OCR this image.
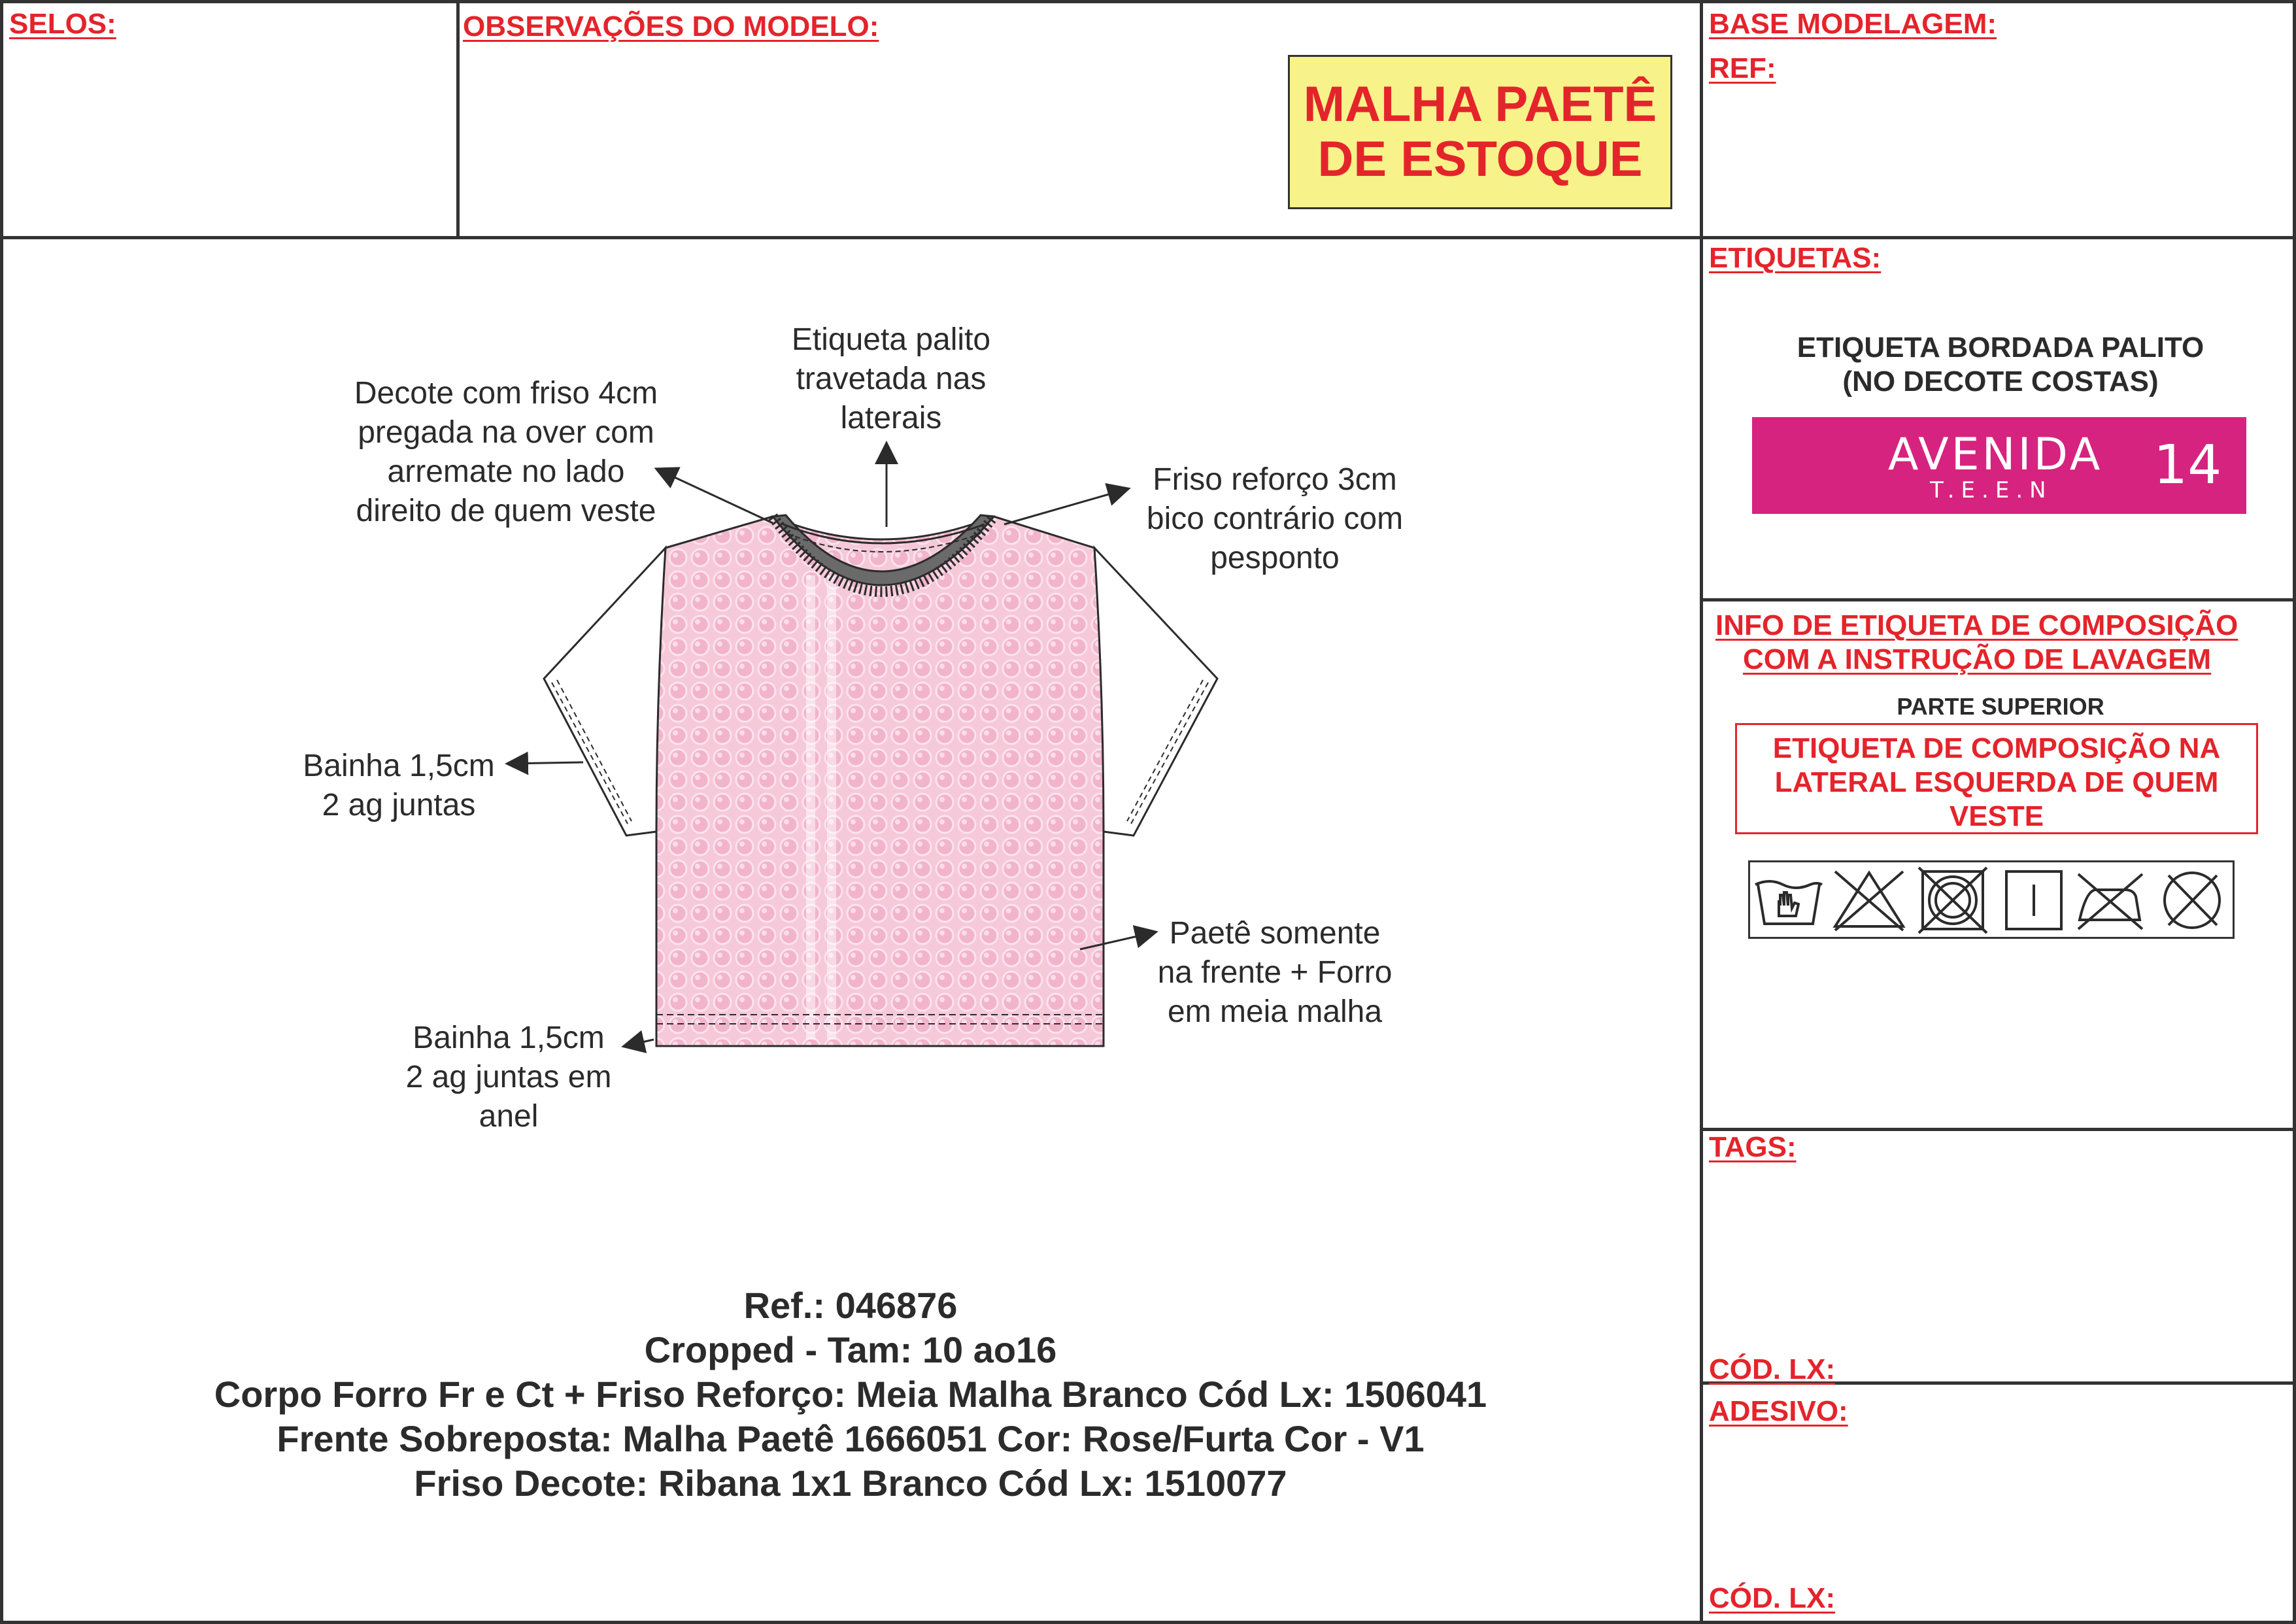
SELOS:	OBSERVAÇÕES DO MODELO:
MALHA PAETÊ
DE ESTOQUE
BASE MODELAGEM:
REF:
ETIQUETAS:
ETIQUETA BORDADA PALITO
(NO DECOTE COSTAS)
AVENIDA
T.E.E.N 14
INFO DE ETIQUETA DE COMPOSIÇÃO
COM A INSTRUÇÃO DE LAVAGEM
PARTE SUPERIOR
ETIQUETA DE COMPOSIÇÃO NA
LATERAL ESQUERDA DE QUEM
VESTE
TAGS:
CÓD. LX:
ADESIVO:
CÓD. LX:
Decote com friso 4cm
pregada na over com
arremate no lado
direito de quem veste
Etiqueta palito
travetada nas
laterais
Friso reforço 3cm
bico contrário com
pesponto
Bainha 1,5cm
2 ag juntas
Paetê somente
na frente + Forro
em meia malha
Bainha 1,5cm
2 ag juntas em
anel
Ref.: 046876
Cropped - Tam: 10 ao16
Corpo Forro Fr e Ct + Friso Reforço: Meia Malha Branco Cód Lx: 1506041
Frente Sobreposta: Malha Paetê 1666051 Cor: Rose/Furta Cor - V1
Friso Decote: Ribana 1x1 Branco Cód Lx: 1510077
